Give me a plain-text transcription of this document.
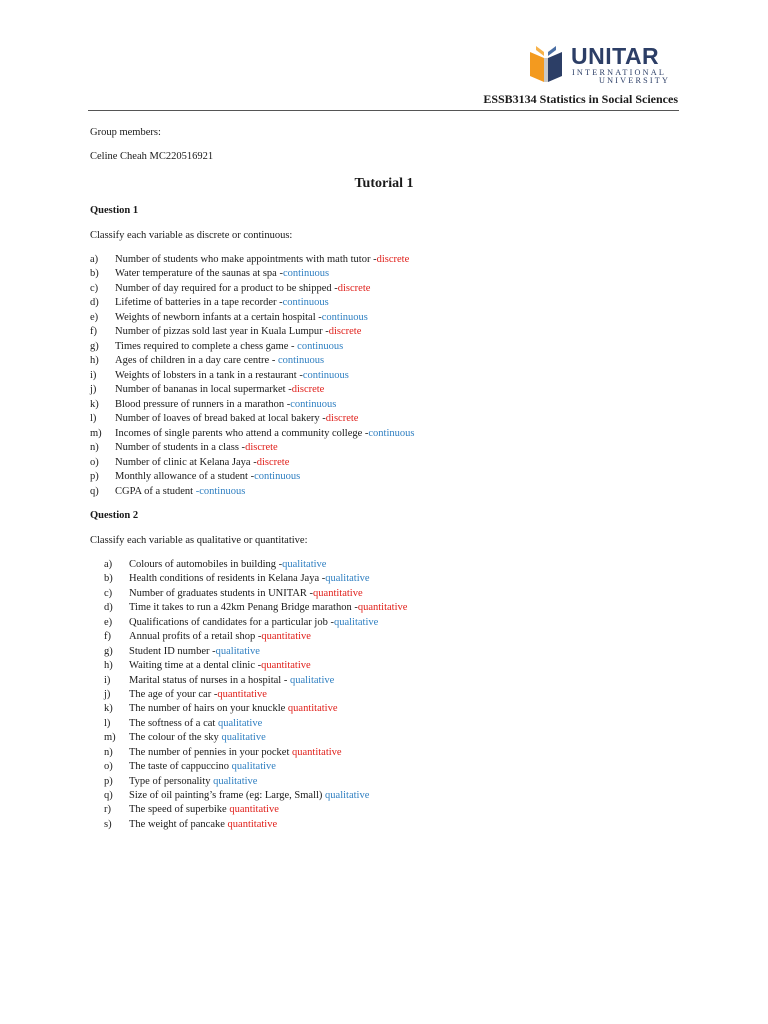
UNITAR
INTERNATIONAL
UNIVERSITY
ESSB3134 Statistics in Social Sciences
Group members:
Celine Cheah MC220516921
Tutorial 1
Question 1
Classify each variable as discrete or continuous:
a) Number of students who make appointments with math tutor -discrete
b) Water temperature of the saunas at spa -continuous
c) Number of day required for a product to be shipped -discrete
d) Lifetime of batteries in a tape recorder -continuous
e) Weights of newborn infants at a certain hospital -continuous
f) Number of pizzas sold last year in Kuala Lumpur -discrete
g) Times required to complete a chess game - continuous
h) Ages of children in a day care centre - continuous
i) Weights of lobsters in a tank in a restaurant -continuous
j) Number of bananas in local supermarket -discrete
k) Blood pressure of runners in a marathon -continuous
l) Number of loaves of bread baked at local bakery -discrete
m) Incomes of single parents who attend a community college -continuous
n) Number of students in a class -discrete
o) Number of clinic at Kelana Jaya -discrete
p) Monthly allowance of a student -continuous
q) CGPA of a student -continuous
Question 2
Classify each variable as qualitative or quantitative:
a) Colours of automobiles in building -qualitative
b) Health conditions of residents in Kelana Jaya -qualitative
c) Number of graduates students in UNITAR -quantitative
d) Time it takes to run a 42km Penang Bridge marathon -quantitative
e) Qualifications of candidates for a particular job -qualitative
f) Annual profits of a retail shop -quantitative
g) Student ID number -qualitative
h) Waiting time at a dental clinic -quantitative
i) Marital status of nurses in a hospital - qualitative
j) The age of your car -quantitative
k) The number of hairs on your knuckle quantitative
l) The softness of a cat qualitative
m) The colour of the sky qualitative
n) The number of pennies in your pocket quantitative
o) The taste of cappuccino qualitative
p) Type of personality qualitative
q) Size of oil painting’s frame (eg: Large, Small) qualitative
r) The speed of superbike quantitative
s) The weight of pancake quantitative
